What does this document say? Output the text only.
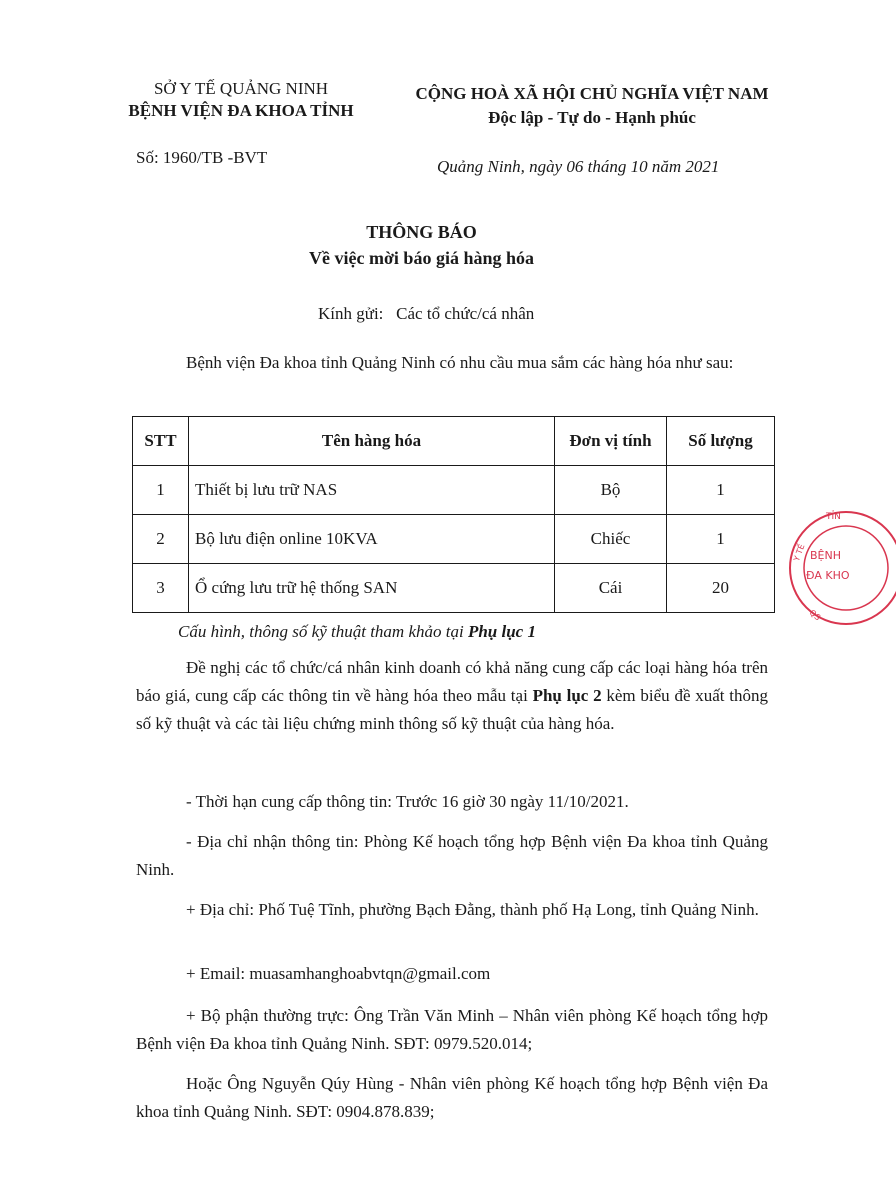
SỞ Y TẾ QUẢNG NINH
BỆNH VIỆN ĐA KHOA TỈNH
Số: 1960/TB -BVT
CỘNG HOÀ XÃ HỘI CHỦ NGHĨA VIỆT NAM
Độc lập - Tự do - Hạnh phúc
Quảng Ninh, ngày 06 tháng 10 năm 2021
THÔNG BÁO
Về việc mời báo giá hàng hóa
Kính gửi: Các tổ chức/cá nhân
Bệnh viện Đa khoa tỉnh Quảng Ninh có nhu cầu mua sắm các hàng hóa như sau:
STT	Tên hàng hóa	Đơn vị tính	Số lượng
1	Thiết bị lưu trữ NAS	Bộ	1
2	Bộ lưu điện online 10KVA	Chiếc	1
3	Ổ cứng lưu trữ hệ thống SAN	Cái	20
Cấu hình, thông số kỹ thuật tham khảo tại Phụ lục 1
Đề nghị các tổ chức/cá nhân kinh doanh có khả năng cung cấp các loại hàng hóa trên báo giá, cung cấp các thông tin về hàng hóa theo mẫu tại Phụ lục 2 kèm biểu đề xuất thông số kỹ thuật và các tài liệu chứng minh thông số kỹ thuật của hàng hóa.
- Thời hạn cung cấp thông tin: Trước 16 giờ 30 ngày 11/10/2021.
- Địa chỉ nhận thông tin: Phòng Kế hoạch tổng hợp Bệnh viện Đa khoa tỉnh Quảng Ninh.
+ Địa chỉ: Phố Tuệ Tĩnh, phường Bạch Đằng, thành phố Hạ Long, tỉnh Quảng Ninh.
+ Email: muasamhanghoabvtqn@gmail.com
+ Bộ phận thường trực: Ông Trần Văn Minh – Nhân viên phòng Kế hoạch tổng hợp Bệnh viện Đa khoa tỉnh Quảng Ninh. SĐT: 0979.520.014;
Hoặc Ông Nguyễn Qúy Hùng - Nhân viên phòng Kế hoạch tổng hợp Bệnh viện Đa khoa tỉnh Quảng Ninh. SĐT: 0904.878.839;
TỈN
Y TẾ BỆNH
ĐA KHO
QS
